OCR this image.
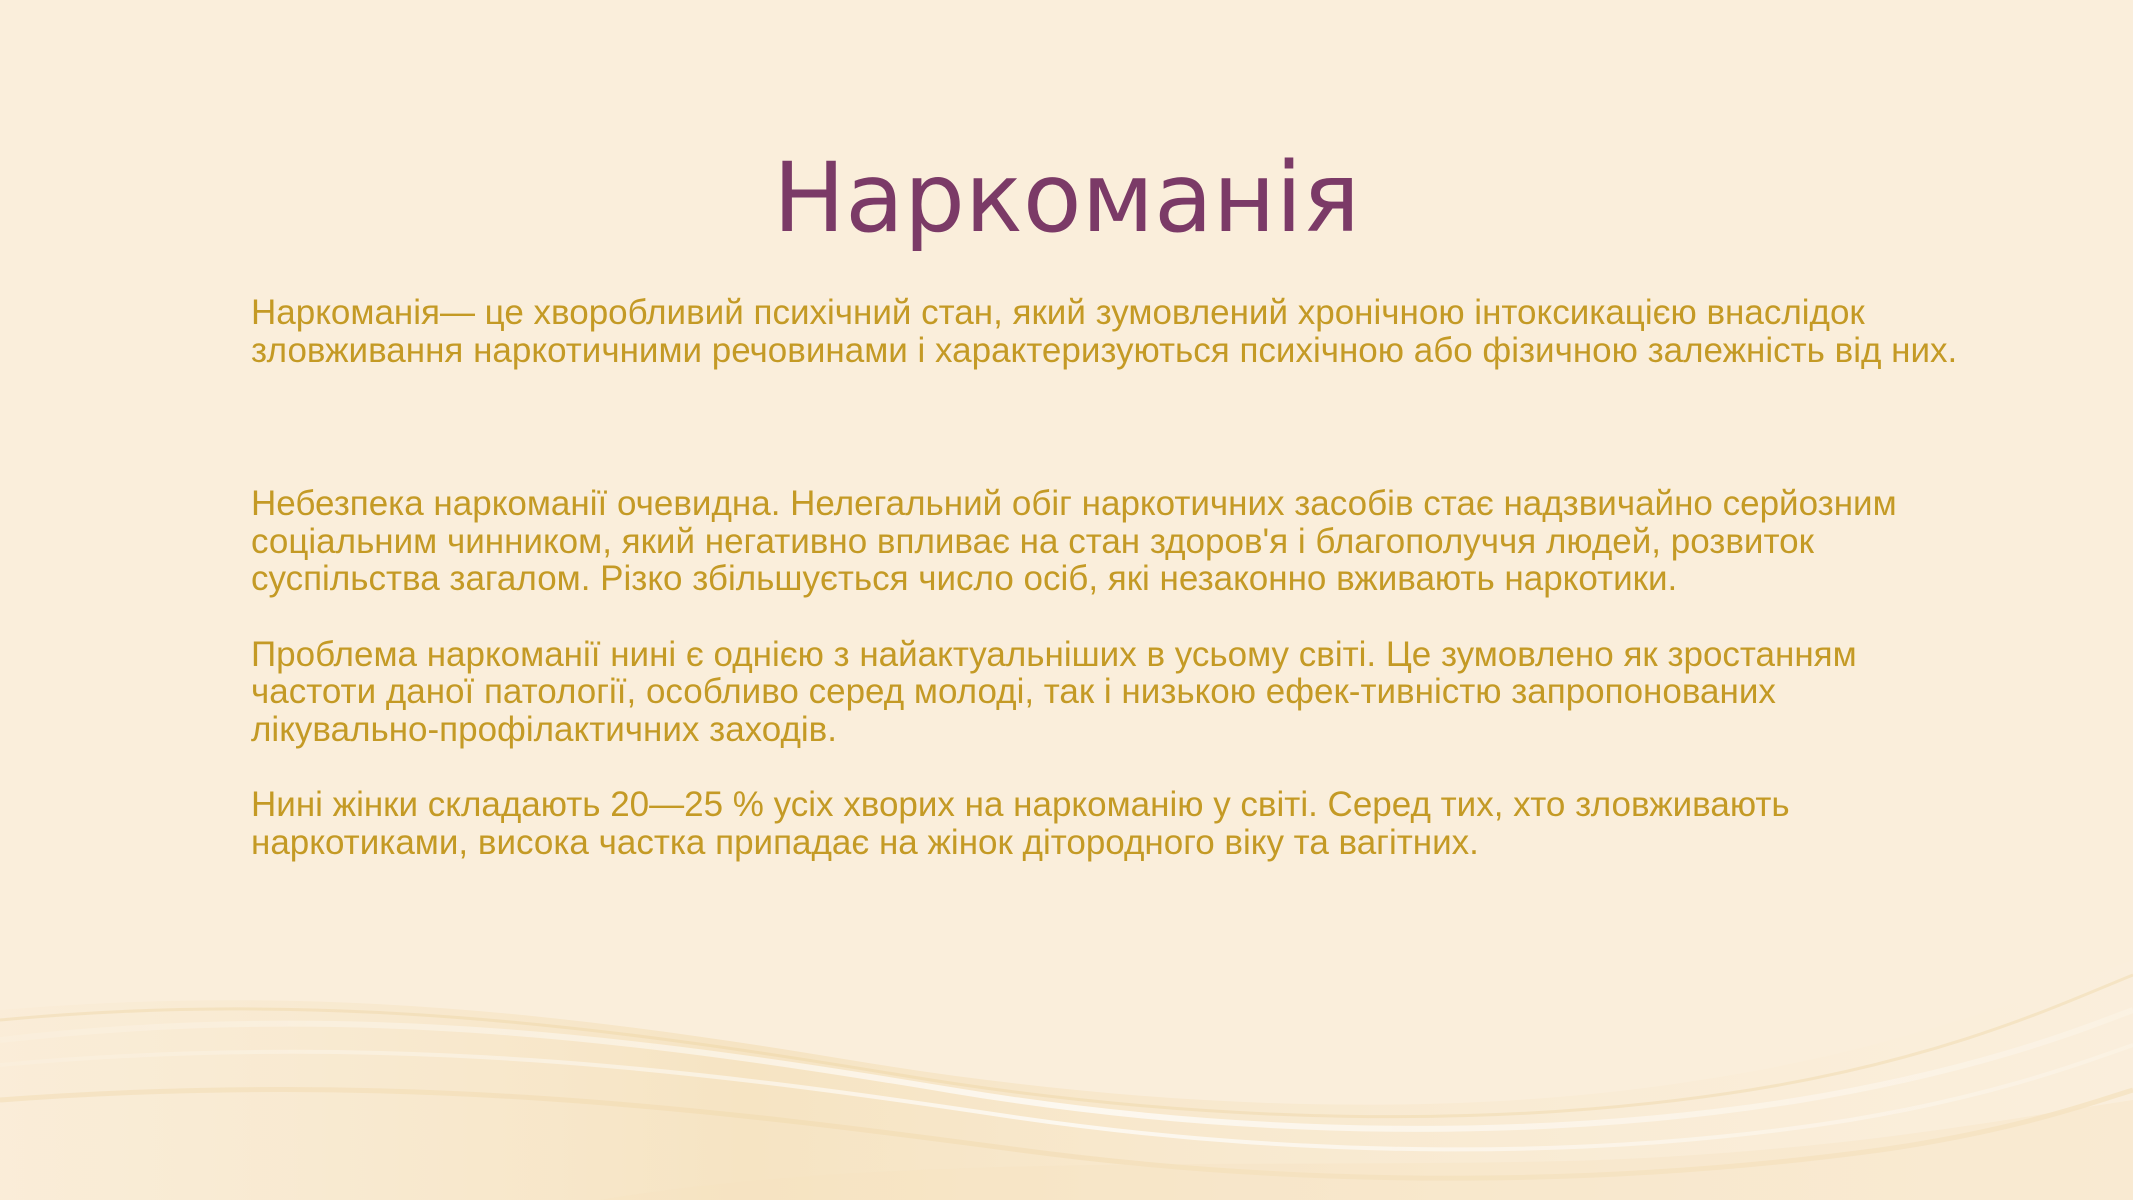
Наркоманія

Наркоманія— це хворобливий психічний стан, який зумовлений хронічною інтоксикацією внаслідок зловживання наркотичними речовинами і характеризуються психічною або фізичною залежність від них.

Небезпека наркоманії очевидна. Нелегальний обіг наркотичних засобів стає надзвичайно серйозним соціальним чинником, який негативно впливає на стан здоров'я і благополуччя людей, розвиток суспільства загалом. Різко збільшується число осіб, які незаконно вживають наркотики.

Проблема наркоманії нині є однією з найактуальніших в усьому світі. Це зумовлено як зростанням частоти даної патології, особливо серед молоді, так і низькою ефек-тивністю запропонованих лікувально-профілактичних заходів.

Нині жінки складають 20—25 % усіх хворих на наркоманію у світі. Серед тих, хто зловживають наркотиками, висока частка припадає на жінок дітородного віку та вагітних.
